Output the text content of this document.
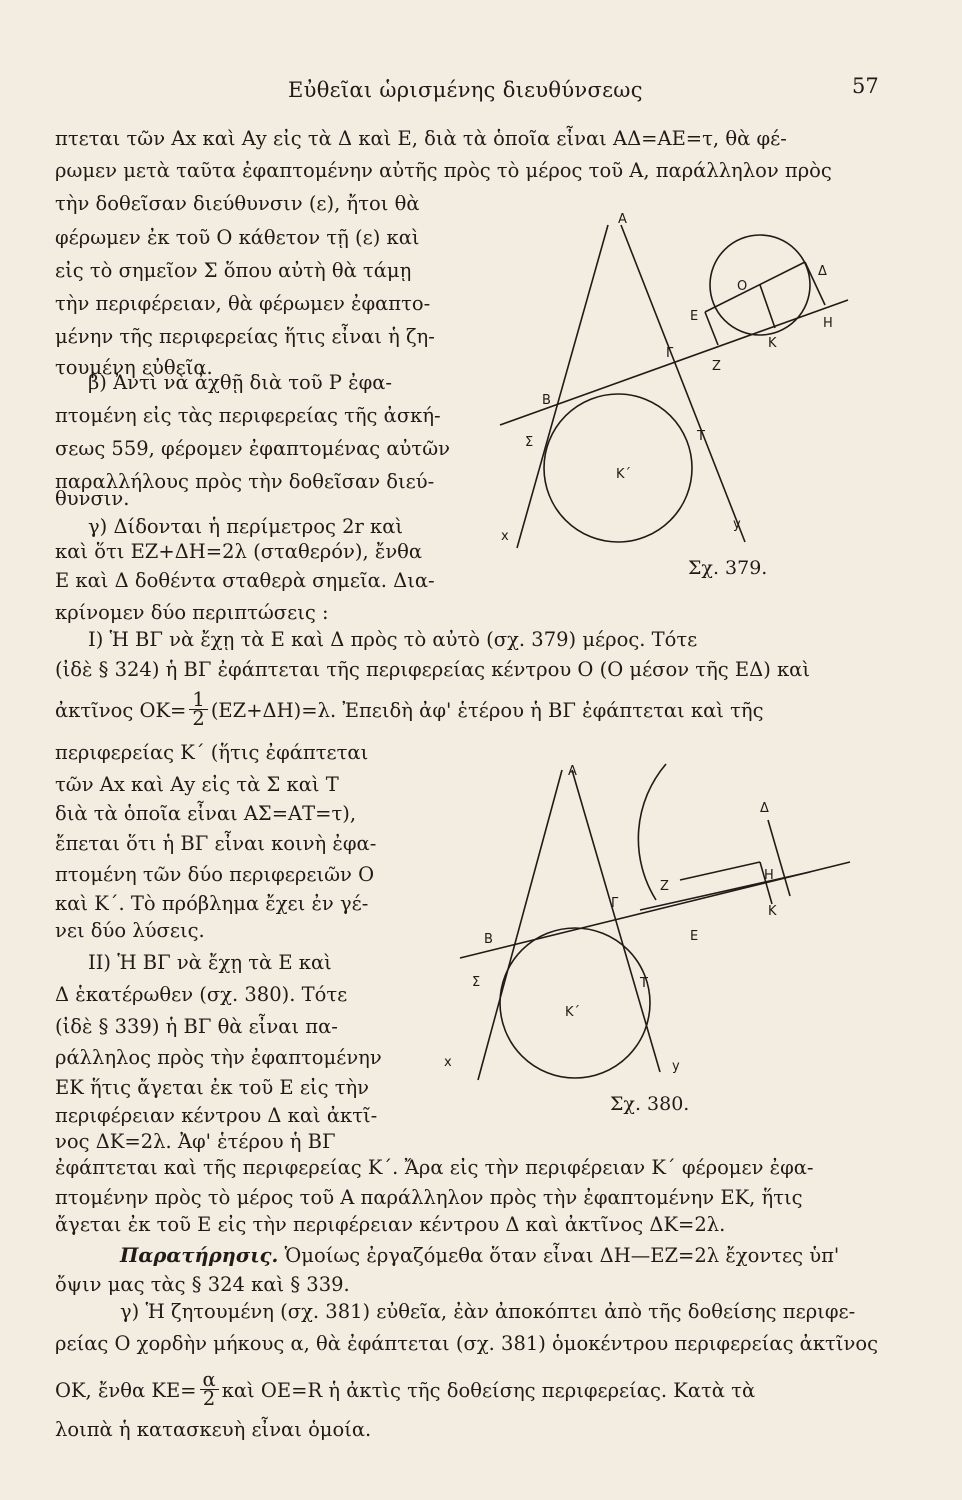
Εὐθεῖαι ὡρισμένης διευθύνσεως	57
πτεται τῶν Αx καὶ Αy εἰς τὰ Δ καὶ Ε, διὰ τὰ ὁποῖα εἶναι ΑΔ=ΑΕ=τ, θὰ φέ-
ρωμεν μετὰ ταῦτα ἐφαπτομένην αὐτῆς πρὸς τὸ μέρος τοῦ Α, παράλληλον πρὸς
τὴν δοθεῖσαν διεύθυνσιν (ε), ἤτοι θὰ
φέρωμεν ἐκ τοῦ Ο κάθετον τῇ (ε) καὶ
εἰς τὸ σημεῖον Σ ὅπου αὐτὴ θὰ τάμῃ
τὴν περιφέρειαν, θὰ φέρωμεν ἐφαπτο-
μένην τῆς περιφερείας ἥτις εἶναι ἡ ζη-
τουμένη εὐθεῖα.
β) Ἀντὶ νὰ ἀχθῇ διὰ τοῦ Ρ ἐφα-
πτομένη εἰς τὰς περιφερείας τῆς ἀσκή-
σεως 559, φέρομεν ἐφαπτομένας αὐτῶν
παραλλήλους πρὸς τὴν δοθεῖσαν διεύ-
θυνσιν.
γ) Δίδονται ἡ περίμετρος 2r καὶ
καὶ ὅτι ΕΖ+ΔΗ=2λ (σταθερόν), ἔνθα
Ε καὶ Δ δοθέντα σταθερὰ σημεῖα. Δια-
κρίνομεν δύο περιπτώσεις :
Ι) Ἡ ΒΓ νὰ ἔχῃ τὰ Ε καὶ Δ πρὸς τὸ αὐτὸ (σχ. 379) μέρος. Τότε
(ἰδὲ § 324) ἡ ΒΓ ἐφάπτεται τῆς περιφερείας κέντρου Ο (Ο μέσον τῆς ΕΔ) καὶ
ἀκτῖνος $OK= \frac{1}{2} (EZ+\Delta H)=\lambda$. Ἐπειδὴ ἀφ' ἑτέρου ἡ ΒΓ ἐφάπτεται καὶ τῆς
περιφερείας Κ΄ (ἥτις ἐφάπτεται
τῶν Αx καὶ Αy εἰς τὰ Σ καὶ Τ
διὰ τὰ ὁποῖα εἶναι ΑΣ=ΑΤ=τ),
ἔπεται ὅτι ἡ ΒΓ εἶναι κοινὴ ἐφα-
πτομένη τῶν δύο περιφερειῶν Ο
καὶ Κ΄. Τὸ πρόβλημα ἔχει ἐν γέ-
νει δύο λύσεις.
ΙΙ) Ἡ ΒΓ νὰ ἔχῃ τὰ Ε καὶ
Δ ἑκατέρωθεν (σχ. 380). Τότε
(ἰδὲ § 339) ἡ ΒΓ θὰ εἶναι πα-
ράλληλος πρὸς τὴν ἐφαπτομένην
ΕΚ ἥτις ἄγεται ἐκ τοῦ Ε εἰς τὴν
περιφέρειαν κέντρου Δ καὶ ἀκτῖ-
νος ΔΚ=2λ. Ἀφ' ἑτέρου ἡ ΒΓ
ἐφάπτεται καὶ τῆς περιφερείας Κ΄. Ἄρα εἰς τὴν περιφέρειαν Κ΄ φέρομεν ἐφα-
πτομένην πρὸς τὸ μέρος τοῦ Α παράλληλον πρὸς τὴν ἐφαπτομένην ΕΚ, ἥτις
ἄγεται ἐκ τοῦ Ε εἰς τὴν περιφέρειαν κέντρου Δ καὶ ἀκτῖνος ΔΚ=2λ.
Παρατήρησις. Ὁμοίως ἐργαζόμεθα ὅταν εἶναι ΔΗ—ΕΖ=2λ ἔχοντες ὑπ'
ὄψιν μας τὰς § 324 καὶ § 339.
γ) Ἡ ζητουμένη (σχ. 381) εὐθεῖα, ἐὰν ἀποκόπτει ἀπὸ τῆς δοθείσης περιφε-
ρείας Ο χορδὴν μήκους α, θὰ ἐφάπτεται (σχ. 381) ὁμοκέντρου περιφερείας ἀκτῖνος
ΟΚ, ἔνθα $KE= \frac{\alpha}{2}$ καὶ ΟΕ=R ἡ ἀκτὶς τῆς δοθείσης περιφερείας. Κατὰ τὰ
λοιπὰ ἡ κατασκευὴ εἶναι ὁμοία.
Α
Δ
Ο
Ε	Η
Κ
Ζ
Γ
Β
Σ	Τ
Κ΄
x
y
Σχ. 379.
Α
Δ
Ζ
Η
Κ
Γ
Ε
Β
Σ	Τ
Κ΄
x	y
Σχ. 380.
